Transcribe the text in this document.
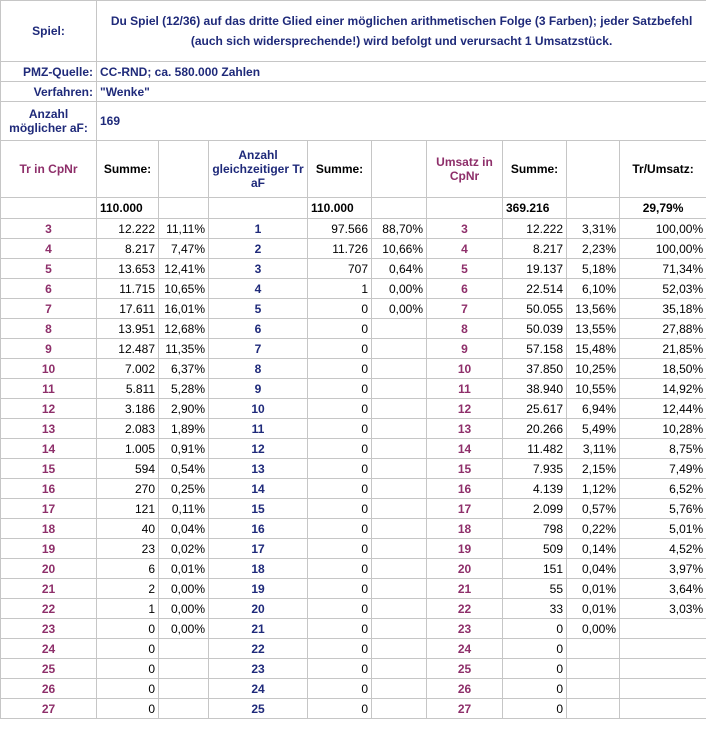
Spiel:	Du Spiel (12/36) auf das dritte Glied einer möglichen arithmetischen Folge (3 Farben); jeder Satzbefehl (auch sich widersprechende!) wird befolgt und verursacht 1 Umsatzstück.								
PMZ-Quelle:	CC-RND; ca. 580.000 Zahlen								
Verfahren:	"Wenke"								
Anzahl möglicher aF:	169								
Tr in CpNr	Summe:		Anzahl gleichzeitiger Tr aF	Summe:		Umsatz in CpNr	Summe:		Tr/Umsatz:
	110.000			110.000			369.216		29,79%
3	12.222	11,11%	1	97.566	88,70%	3	12.222	3,31%	100,00%
4	8.217	7,47%	2	11.726	10,66%	4	8.217	2,23%	100,00%
5	13.653	12,41%	3	707	0,64%	5	19.137	5,18%	71,34%
6	11.715	10,65%	4	1	0,00%	6	22.514	6,10%	52,03%
7	17.611	16,01%	5	0	0,00%	7	50.055	13,56%	35,18%
8	13.951	12,68%	6	0		8	50.039	13,55%	27,88%
9	12.487	11,35%	7	0		9	57.158	15,48%	21,85%
10	7.002	6,37%	8	0		10	37.850	10,25%	18,50%
11	5.811	5,28%	9	0		11	38.940	10,55%	14,92%
12	3.186	2,90%	10	0		12	25.617	6,94%	12,44%
13	2.083	1,89%	11	0		13	20.266	5,49%	10,28%
14	1.005	0,91%	12	0		14	11.482	3,11%	8,75%
15	594	0,54%	13	0		15	7.935	2,15%	7,49%
16	270	0,25%	14	0		16	4.139	1,12%	6,52%
17	121	0,11%	15	0		17	2.099	0,57%	5,76%
18	40	0,04%	16	0		18	798	0,22%	5,01%
19	23	0,02%	17	0		19	509	0,14%	4,52%
20	6	0,01%	18	0		20	151	0,04%	3,97%
21	2	0,00%	19	0		21	55	0,01%	3,64%
22	1	0,00%	20	0		22	33	0,01%	3,03%
23	0	0,00%	21	0		23	0	0,00%	
24	0		22	0		24	0		
25	0		23	0		25	0		
26	0		24	0		26	0		
27	0		25	0		27	0		
